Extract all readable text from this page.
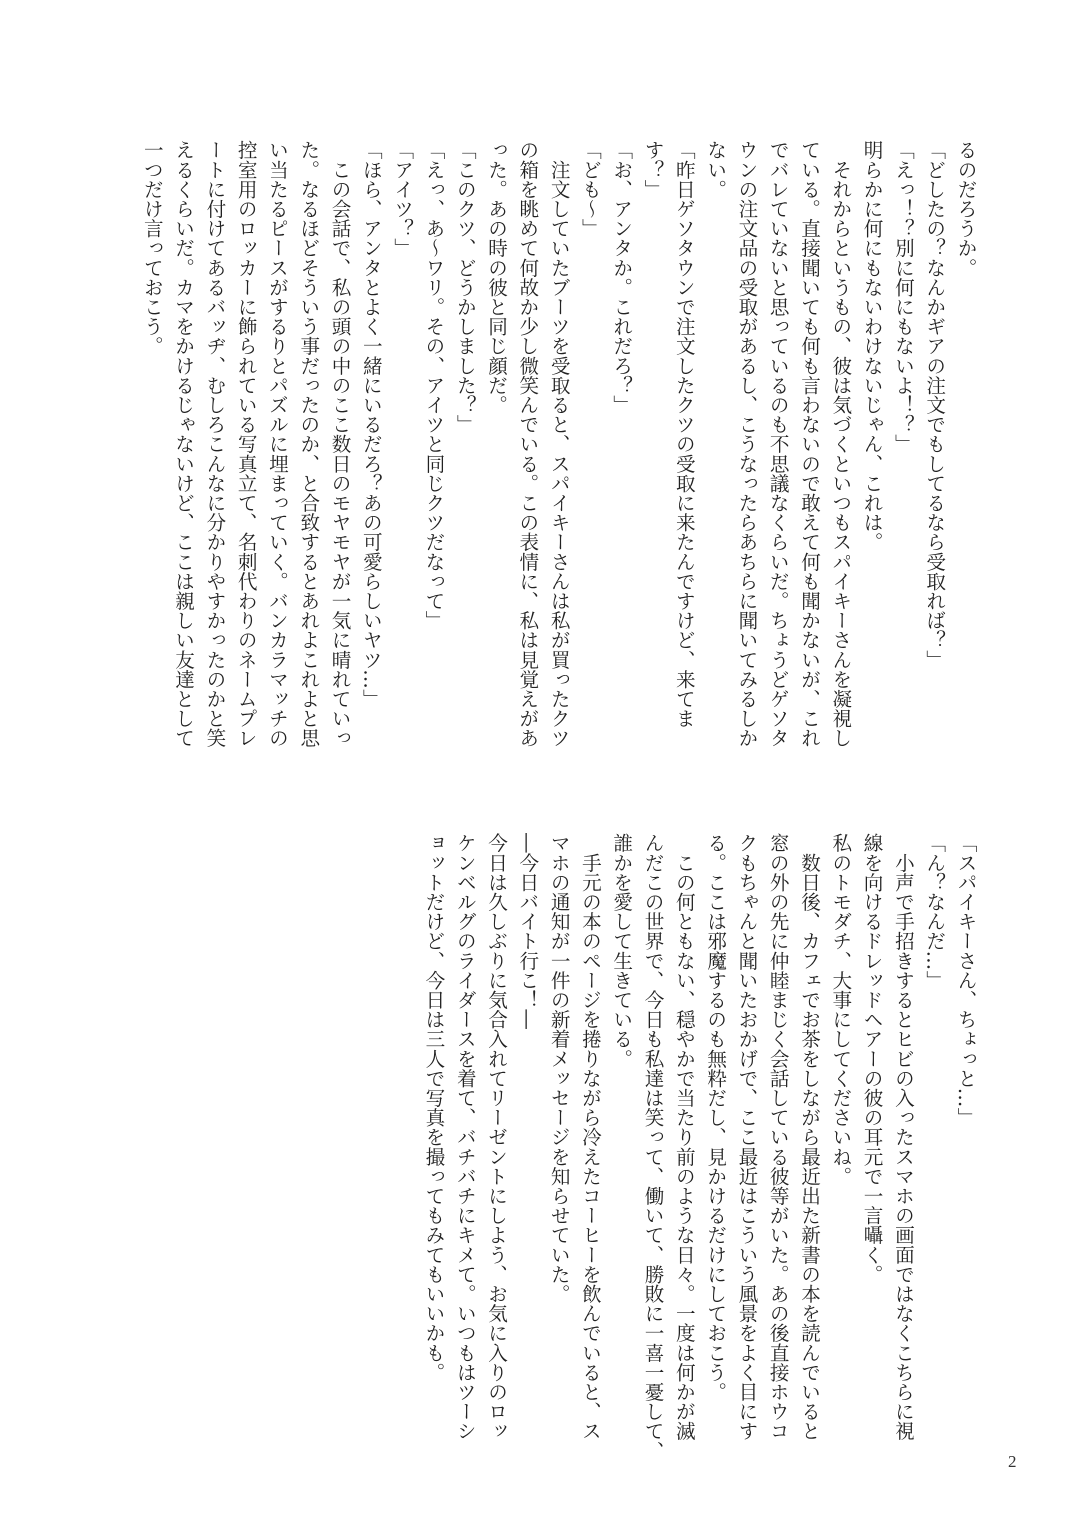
るのだろうか。
「どしたの？なんかギアの注文でもしてるなら受取れば？」
「えっ！？別に何にもないよ！？」
明らかに何にもないわけないじゃん、これは。
　それからというもの、彼は気づくといつもスパイキーさんを凝視し
ている。直接聞いても何も言わないので敢えて何も聞かないが、これ
でバレていないと思っているのも不思議なくらいだ。ちょうどゲソタ
ウンの注文品の受取があるし、こうなったらあちらに聞いてみるしか
ない。
「昨日ゲソタウンで注文したクツの受取に来たんですけど、来てま
す？」
「お、アンタか。これだろ？」
「ども～」
　注文していたブーツを受取ると、スパイキーさんは私が買ったクツ
の箱を眺めて何故か少し微笑んでいる。この表情に、私は見覚えがあ
った。あの時の彼と同じ顔だ。
「このクツ、どうかしました？」
「えっ、あ～ワリ。その、アイツと同じクツだなって」
「アイツ？」
「ほら、アンタとよく一緒にいるだろ？あの可愛らしいヤツ…」
　この会話で、私の頭の中のここ数日のモヤモヤが一気に晴れていっ
た。なるほどそういう事だったのか、と合致するとあれよこれよと思
い当たるピースがするりとパズルに埋まっていく。バンカラマッチの
控室用のロッカーに飾られている写真立て、名刺代わりのネームプレ
ートに付けてあるバッヂ、むしろこんなに分かりやすかったのかと笑
えるくらいだ。カマをかけるじゃないけど、ここは親しい友達として
一つだけ言っておこう。
「スパイキーさん、ちょっと…」
「ん？なんだ…」
　小声で手招きするとヒビの入ったスマホの画面ではなくこちらに視
線を向けるドレッドヘアーの彼の耳元で一言囁く。
私のトモダチ、大事にしてくださいね。
　数日後、カフェでお茶をしながら最近出た新書の本を読んでいると
窓の外の先に仲睦まじく会話している彼等がいた。あの後直接ホウコ
クもちゃんと聞いたおかげで、ここ最近はこういう風景をよく目にす
る。ここは邪魔するのも無粋だし、見かけるだけにしておこう。
　この何ともない、穏やかで当たり前のような日々。一度は何かが滅
んだこの世界で、今日も私達は笑って、働いて、勝敗に一喜一憂して、
誰かを愛して生きている。
　手元の本のページを捲りながら冷えたコーヒーを飲んでいると、ス
マホの通知が一件の新着メッセージを知らせていた。
―今日バイト行こ！―
今日は久しぶりに気合入れてリーゼントにしよう、お気に入りのロッ
ケンベルグのライダースを着て、バチバチにキメて。いつもはツーシ
ョットだけど、今日は三人で写真を撮ってもみてもいいかも。
2
